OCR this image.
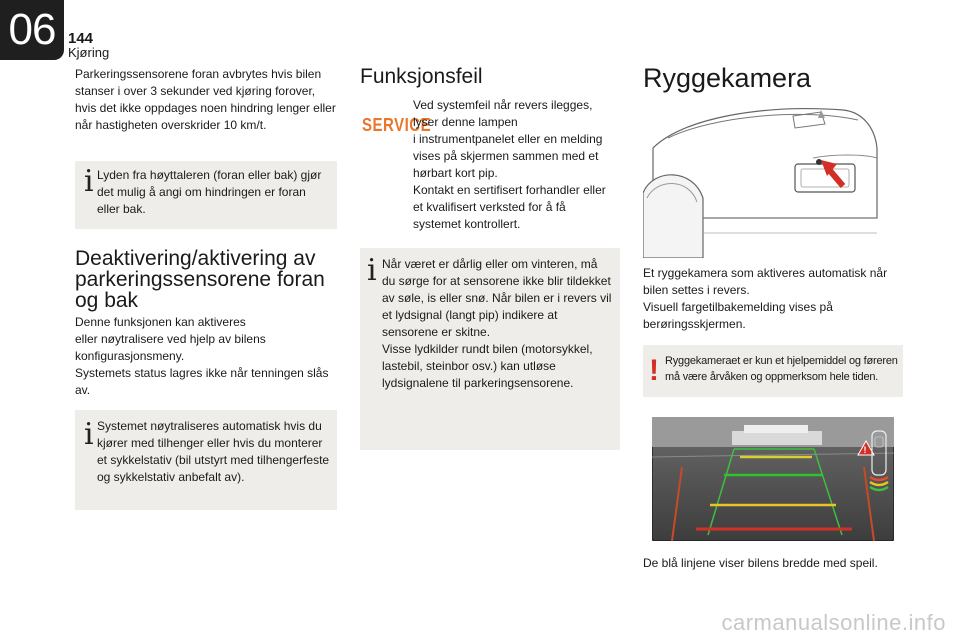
06 144
Kjøring

Parkeringssensorene foran avbrytes hvis bilen stanser i over 3 sekunder ved kjøring forover, hvis det ikke oppdages noen hindring lenger eller når hastigheten overskrider 10 km/t.

i Lyden fra høyttaleren (foran eller bak) gjør det mulig å angi om hindringen er foran eller bak.

Deaktivering/aktivering av parkeringssensorene foran og bak

Denne funksjonen kan aktiveres

eller nøytralisere ved hjelp av bilens konfigurasjonsmeny.

Systemets status lagres ikke når tenningen slås av.

i Systemet nøytraliseres automatisk hvis du kjører med tilhenger eller hvis du monterer et sykkelstativ (bil utstyrt med tilhengerfeste og sykkelstativ anbefalt av).

Funksjonsfeil
SERVICE

Ved systemfeil når revers ilegges, lyser denne lampen

i instrumentpanelet eller en melding vises på skjermen sammen med et hørbart kort pip.

Kontakt en sertifisert forhandler eller et kvalifisert verksted for å få systemet kontrollert.

i Når været er dårlig eller om vinteren, må du sørge for at sensorene ikke blir tildekket av søle, is eller snø. Når bilen er i revers vil et lydsignal (langt pip) indikere at sensorene er skitne.
Visse lydkilder rundt bilen (motorsykkel, lastebil, steinbor osv.) kan utløse lydsignalene til parkeringsensorene.

Ryggekamera

Et ryggekamera som aktiveres automatisk når bilen settes i revers.

Visuell fargetilbakemelding vises på berøringsskjermen.

! Ryggekameraet er kun et hjelpemiddel og føreren må være årvåken og oppmerksom hele tiden.

!

De blå linjene viser bilens bredde med speil.

carmanualsonline.info
